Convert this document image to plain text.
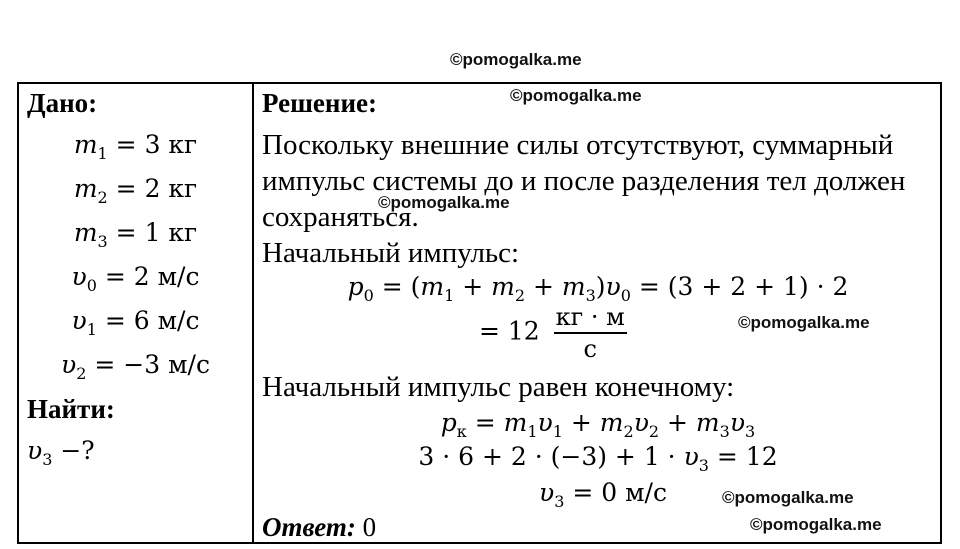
©pomogalka.me
©pomogalka.me
©pomogalka.me
©pomogalka.me
©pomogalka.me
©pomogalka.me
Дано:
$m_1 = 3$ кг
$m_2 = 2$ кг
$m_3 = 1$ кг
$\upsilon_0 = 2$ м/с
$\upsilon_1 = 6$ м/с
$\upsilon_2 = -3$ м/с
Найти:
$\upsilon_3$ −?
Решение:
Поскольку внешние силы отсутствуют, суммарный
импульс системы до и после разделения тел должен
сохраняться.
Начальный импульс:
$p_0 = (m_1 + m_2 + m_3)\upsilon_0 = (3 + 2 + 1) \cdot 2$
= $12 \frac{кг \cdot м}{с}$
Начальный импульс равен конечному:
$p_к = m_1\upsilon_1 + m_2\upsilon_2 + m_3\upsilon_3$
$3 \cdot 6 + 2 \cdot (-3) + 1 \cdot \upsilon_3 = 12$
$\upsilon_3 = 0$ м/с
Ответ: 0
